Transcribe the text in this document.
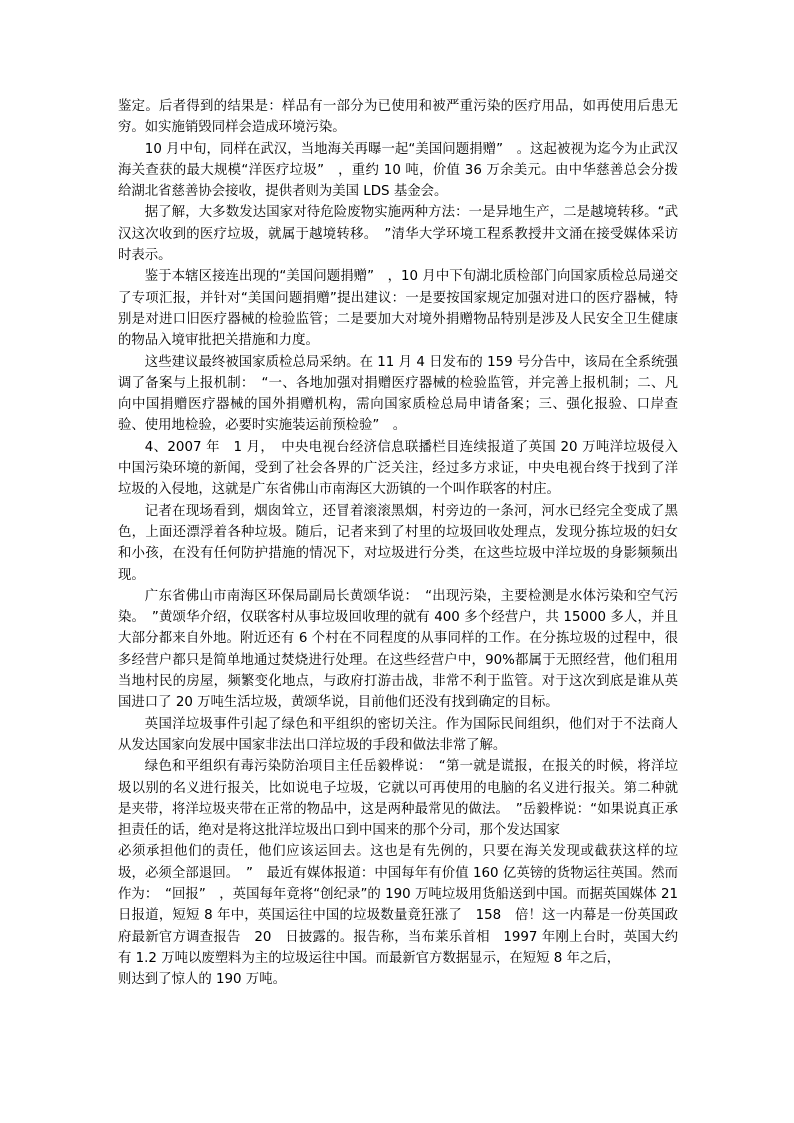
鉴定。后者得到的结果是：样品有一部分为已使用和被严重污染的医疗用品，如再使用后患无穷。如实施销毁同样会造成环境污染。

10 月中旬，同样在武汉，当地海关再曝一起“美国问题捐赠”　。这起被视为迄今为止武汉海关查获的最大规模“洋医疗垃圾”　，重约 10 吨，价值 36 万余美元。由中华慈善总会分拨给湖北省慈善协会接收，提供者则为美国 LDS 基金会。

据了解，大多数发达国家对待危险废物实施两种方法：一是异地生产，二是越境转移。“武汉这次收到的医疗垃圾，就属于越境转移。　”清华大学环境工程系教授井文涌在接受媒体采访时表示。

鉴于本辖区接连出现的“美国问题捐赠”　，10 月中下旬湖北质检部门向国家质检总局递交了专项汇报，并针对“美国问题捐赠”提出建议：一是要按国家规定加强对进口的医疗器械，特别是对进口旧医疗器械的检验监管；二是要加大对境外捐赠物品特别是涉及人民安全卫生健康的物品入境审批把关措施和力度。

这些建议最终被国家质检总局采纳。在 11 月 4 日发布的 159 号分告中，该局在全系统强调了备案与上报机制：　“一、各地加强对捐赠医疗器械的检验监管，并完善上报机制；二、凡向中国捐赠医疗器械的国外捐赠机构，需向国家质检总局申请备案；三、强化报验、口岸查验、使用地检验，必要时实施装运前预检验”　。

4、2007 年　1 月，　中央电视台经济信息联播栏目连续报道了英国 20 万吨洋垃圾侵入中国污染环境的新闻，受到了社会各界的广泛关注，经过多方求证，中央电视台终于找到了洋垃圾的入侵地，这就是广东省佛山市南海区大沥镇的一个叫作联客的村庄。

记者在现场看到，烟囱耸立，还冒着滚滚黑烟，村旁边的一条河，河水已经完全变成了黑色，上面还漂浮着各种垃圾。随后，记者来到了村里的垃圾回收处理点，发现分拣垃圾的妇女和小孩，在没有任何防护措施的情况下，对垃圾进行分类，在这些垃圾中洋垃圾的身影频频出现。

广东省佛山市南海区环保局副局长黄颂华说：　“出现污染，主要检测是水体污染和空气污染。　”黄颂华介绍，仅联客村从事垃圾回收理的就有 400 多个经营户，共 15000 多人，并且大部分都来自外地。附近还有 6 个村在不同程度的从事同样的工作。在分拣垃圾的过程中，很多经营户都只是简单地通过焚烧进行处理。在这些经营户中，90%都属于无照经营，他们租用当地村民的房屋，频繁变化地点，与政府打游击战，非常不利于监管。对于这次到底是谁从英国进口了 20 万吨生活垃圾，黄颂华说，目前他们还没有找到确定的目标。

英国洋垃圾事件引起了绿色和平组织的密切关注。作为国际民间组织，他们对于不法商人从发达国家向发展中国家非法出口洋垃圾的手段和做法非常了解。

绿色和平组织有毒污染防治项目主任岳毅桦说：　“第一就是谎报，在报关的时候，将洋垃圾以别的名义进行报关，比如说电子垃圾，它就以可再使用的电脑的名义进行报关。第二种就是夹带，将洋垃圾夹带在正常的物品中，这是两种最常见的做法。　”岳毅桦说：“如果说真正承担责任的话，绝对是将这批洋垃圾出口到中国来的那个分司，那个发达国家

必须承担他们的责任，他们应该运回去。这也是有先例的，只要在海关发现或截获这样的垃圾，必须全部退回。　”　最近有媒体报道：中国每年有价值 160 亿英镑的货物运往英国。然而作为：　“回报”　，英国每年竟将“创纪录”的 190 万吨垃圾用货船送到中国。而据英国媒体 21 日报道，短短 8 年中，英国运往中国的垃圾数量竟狂涨了　158　倍！这一内幕是一份英国政府最新官方调查报告　20　日披露的。报告称，当布莱乐首相　1997 年刚上台时，英国大约有 1.2 万吨以废塑料为主的垃圾运往中国。而最新官方数据显示，在短短 8 年之后，

则达到了惊人的 190 万吨。
